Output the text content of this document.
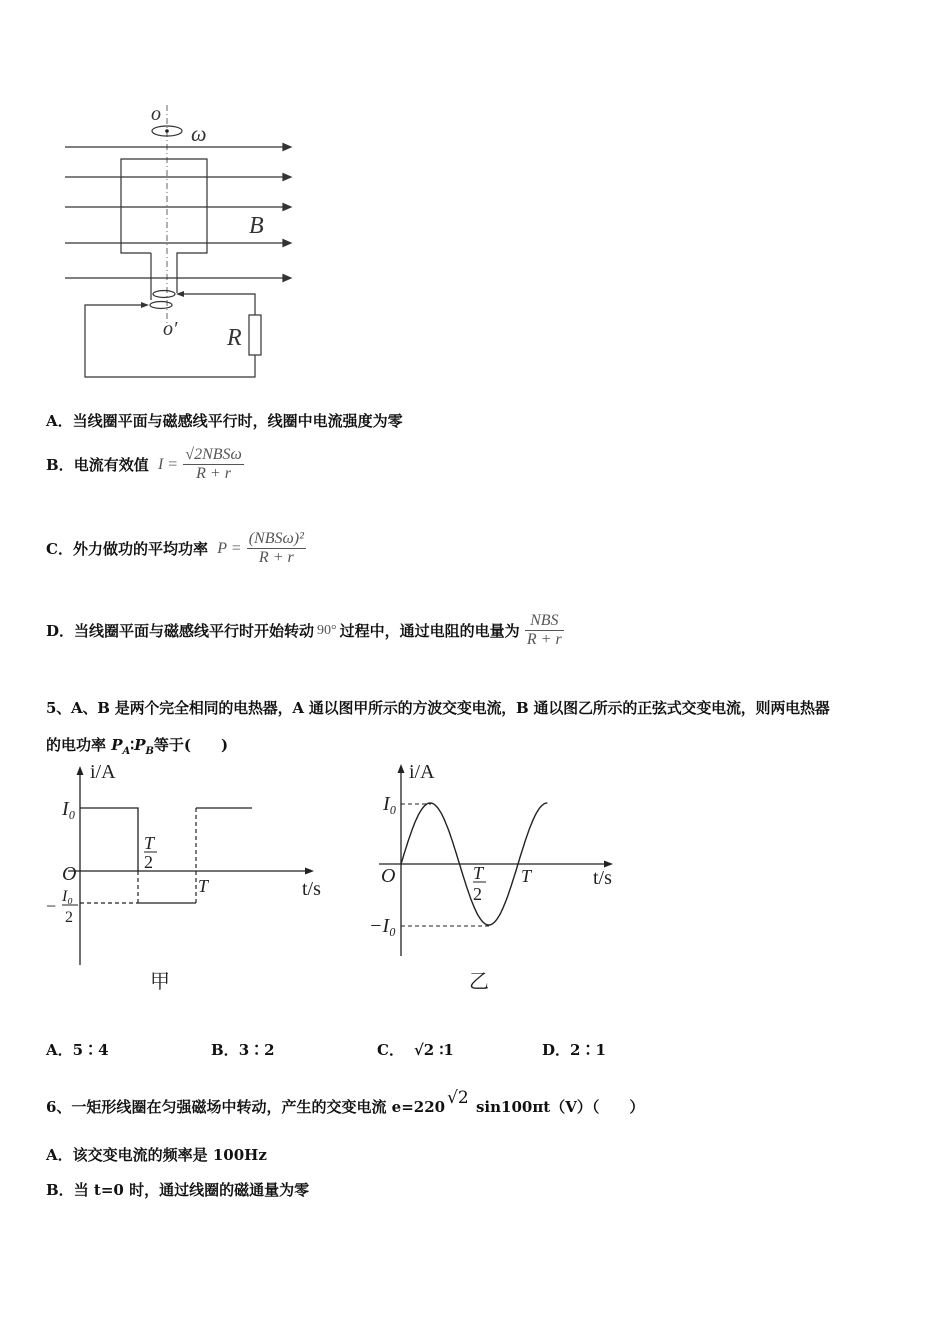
o
ω
B
o′ R
A．当线圈平面与磁感线平行时，线圈中电流强度为零
B．电流有效值 $I = \frac{\text{√2NBSω}}{R + r}$
C．外力做功的平均功率 $P = \frac{\text{(NBSω)²}}{R + r}$
D．当线圈平面与磁感线平行时开始转动 90° 过程中，通过电阻的电量为 $\frac{\text{NBS}}{R + r}$
5、A、B 是两个完全相同的电热器，A 通以图甲所示的方波交变电流，B 通以图乙所示的正弦式交变电流，则两电热器
的电功率 $P_A∶P_B$等于(　　)
i/A
t/s
O
I₀
T
2
T
− I₀
2
甲
i/A
t/s
O
I₀
−I₀
T
2
T
乙
A．5∶4	B．3∶2	C． √2 ∶1	D．2∶1
6、一矩形线圈在匀强磁场中转动，产生的交变电流 e=220 √2 sin100πt（V）（　　）
A．该交变电流的频率是 100Hz
B．当 t=0 时，通过线圈的磁通量为零
